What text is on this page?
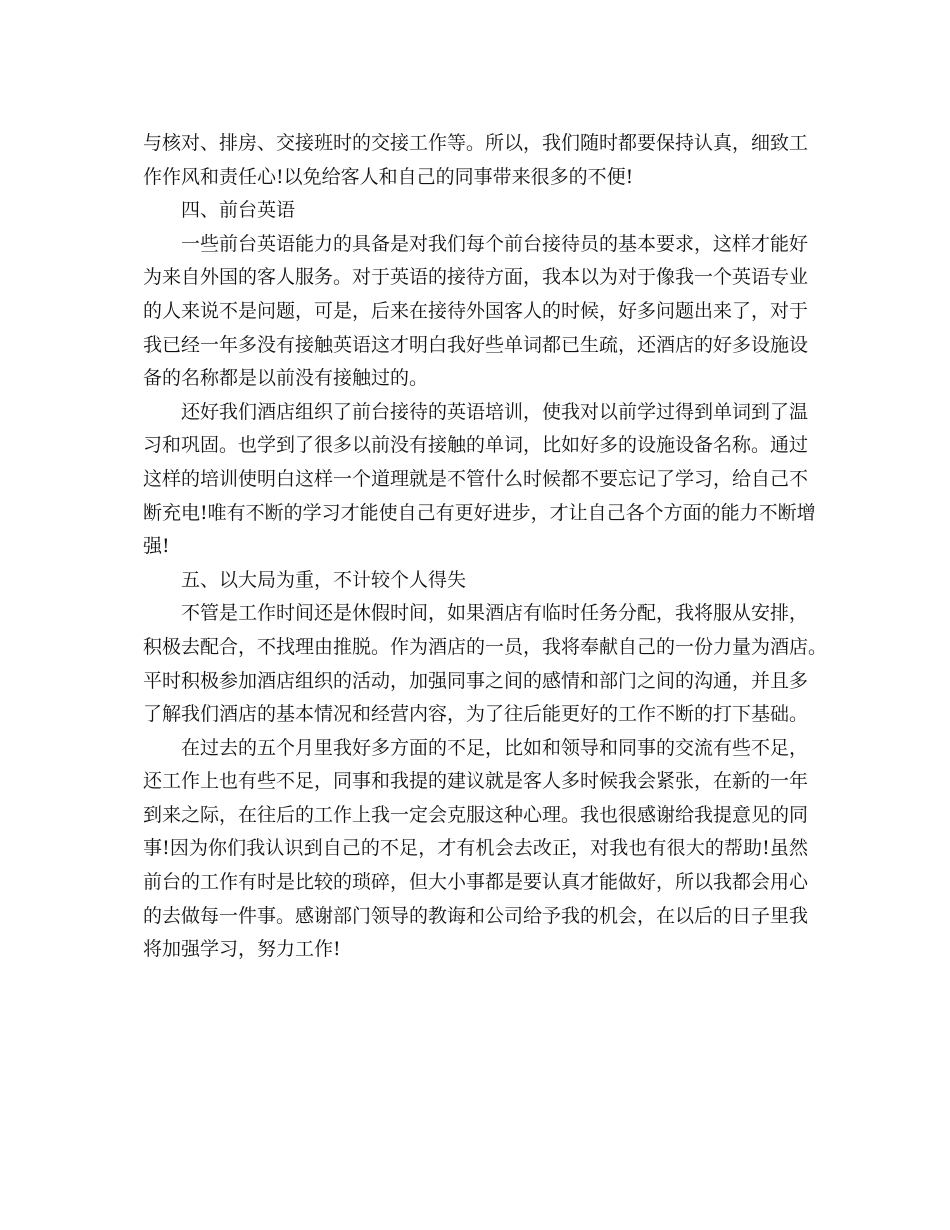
与核对、排房、交接班时的交接工作等。所以，我们随时都要保持认真，细致工
作作风和责任心!以免给客人和自己的同事带来很多的不便!
四、前台英语
一些前台英语能力的具备是对我们每个前台接待员的基本要求，这样才能好
为来自外国的客人服务。对于英语的接待方面，我本以为对于像我一个英语专业
的人来说不是问题，可是，后来在接待外国客人的时候，好多问题出来了，对于
我已经一年多没有接触英语这才明白我好些单词都已生疏，还酒店的好多设施设
备的名称都是以前没有接触过的。
还好我们酒店组织了前台接待的英语培训，使我对以前学过得到单词到了温
习和巩固。也学到了很多以前没有接触的单词，比如好多的设施设备名称。通过
这样的培训使明白这样一个道理就是不管什么时候都不要忘记了学习，给自己不
断充电!唯有不断的学习才能使自己有更好进步，才让自己各个方面的能力不断增
强!
五、以大局为重，不计较个人得失
不管是工作时间还是休假时间，如果酒店有临时任务分配，我将服从安排，
积极去配合，不找理由推脱。作为酒店的一员，我将奉献自己的一份力量为酒店。
平时积极参加酒店组织的活动，加强同事之间的感情和部门之间的沟通，并且多
了解我们酒店的基本情况和经营内容，为了往后能更好的工作不断的打下基础。
在过去的五个月里我好多方面的不足，比如和领导和同事的交流有些不足，
还工作上也有些不足，同事和我提的建议就是客人多时候我会紧张，在新的一年
到来之际，在往后的工作上我一定会克服这种心理。我也很感谢给我提意见的同
事!因为你们我认识到自己的不足，才有机会去改正，对我也有很大的帮助!虽然
前台的工作有时是比较的琐碎，但大小事都是要认真才能做好，所以我都会用心
的去做每一件事。感谢部门领导的教诲和公司给予我的机会，在以后的日子里我
将加强学习，努力工作!
